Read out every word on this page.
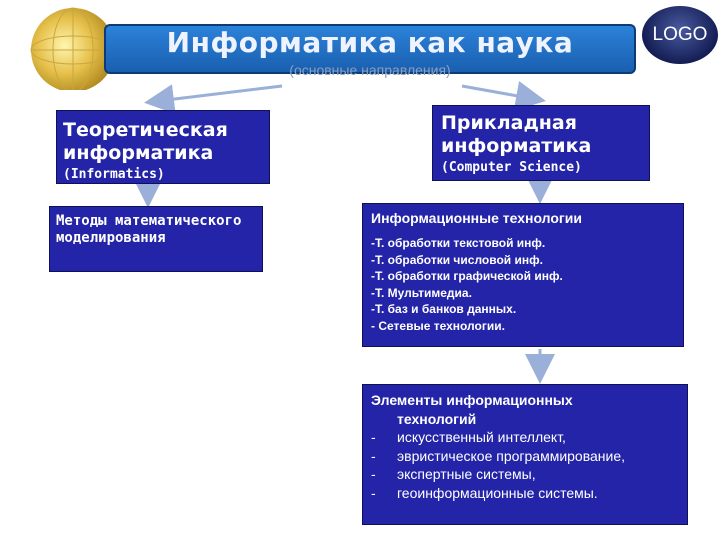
Информатика как наука
(основные направления)
LOGO
Теоретическая информатика
(Informatics)
Прикладная информатика
(Computer Science)
Методы математического моделирования
Информационные технологии
-Т. обработки текстовой инф.
-Т. обработки числовой инф.
-Т. обработки графической инф.
-Т. Мультимедиа.
-Т. баз и банков данных.
- Сетевые технологии.
Элементы информационных
технологий
-	искусственный интеллект,
-	эвристическое программирование,
-	экспертные системы,
-	геоинформационные системы.
